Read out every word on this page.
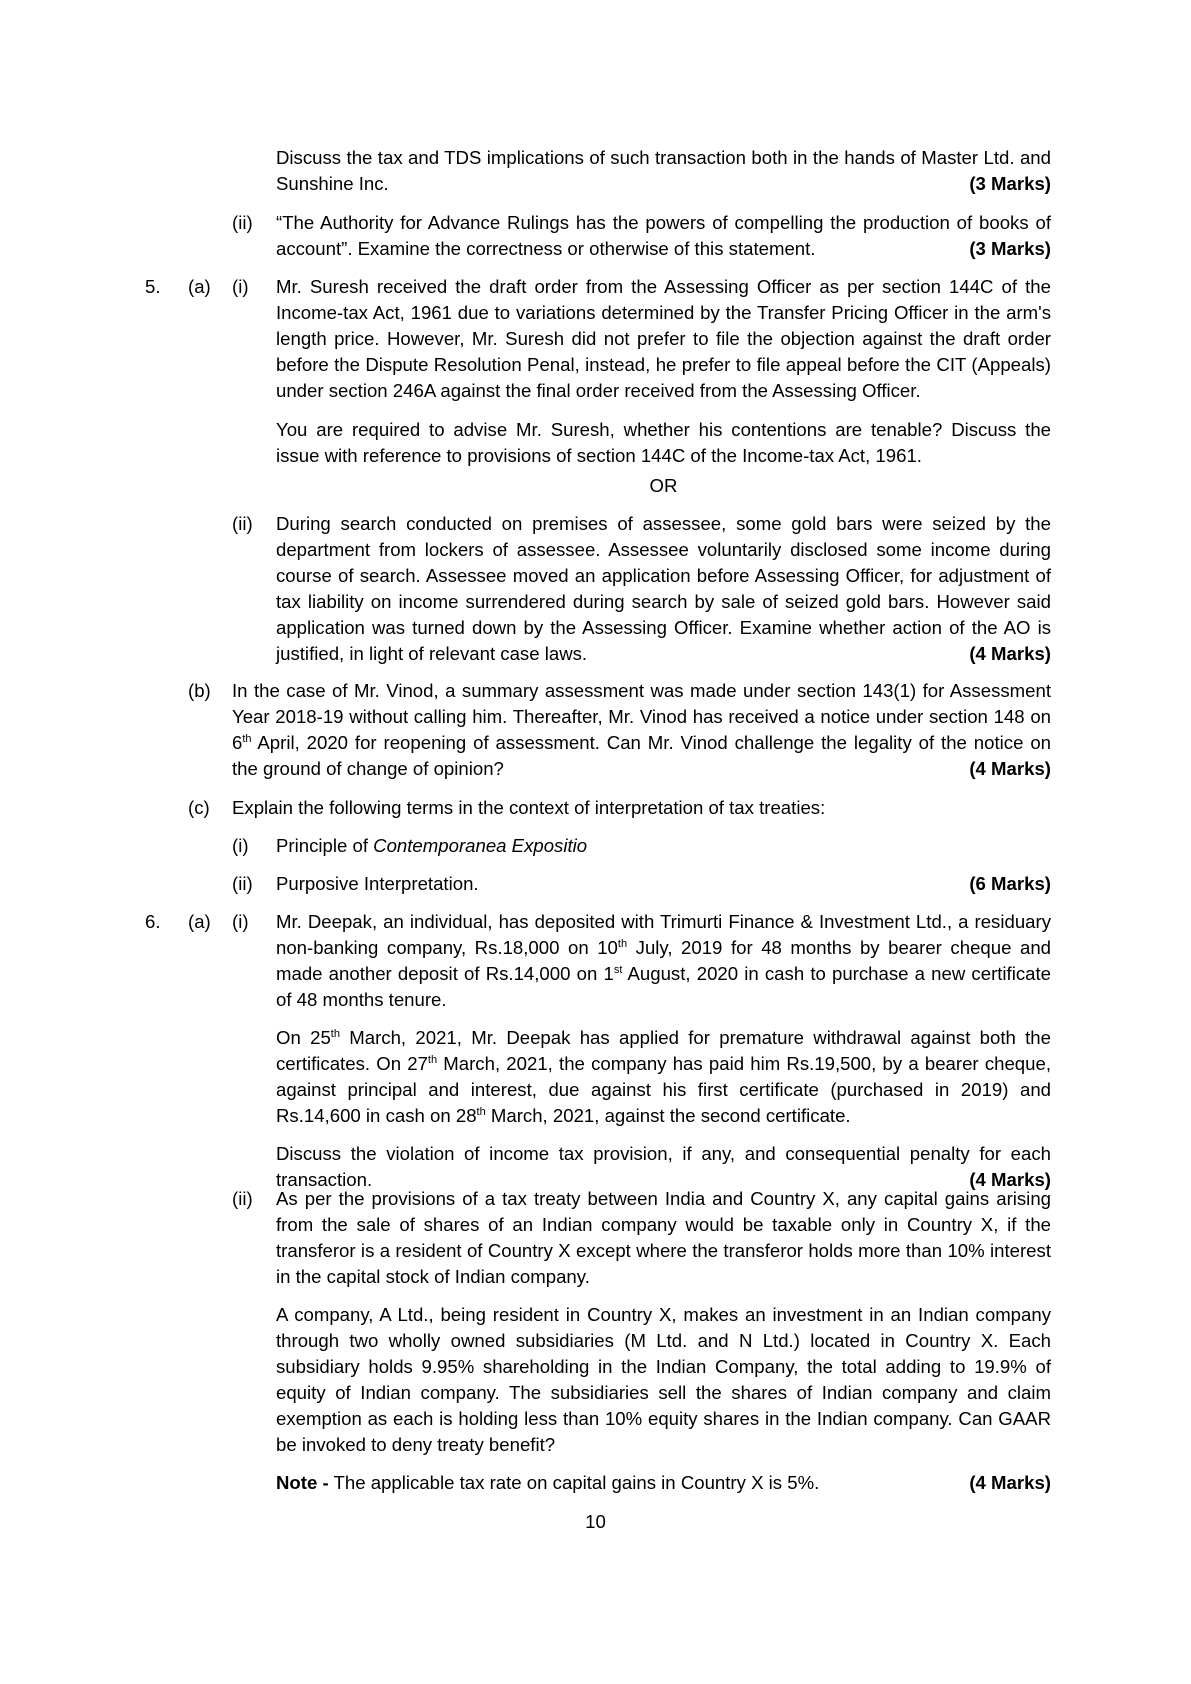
Discuss the tax and TDS implications of such transaction both in the hands of Master Ltd. and Sunshine Inc.	(3 Marks)

(ii) “The Authority for Advance Rulings has the powers of compelling the production of books of account”. Examine the correctness or otherwise of this statement.	(3 Marks)

5. (a) (i) Mr. Suresh received the draft order from the Assessing Officer as per section 144C of the Income-tax Act, 1961 due to variations determined by the Transfer Pricing Officer in the arm's length price. However, Mr. Suresh did not prefer to file the objection against the draft order before the Dispute Resolution Penal, instead, he prefer to file appeal before the CIT (Appeals) under section 246A against the final order received from the Assessing Officer.

You are required to advise Mr. Suresh, whether his contentions are tenable? Discuss the issue with reference to provisions of section 144C of the Income-tax Act, 1961.

OR
(ii) During search conducted on premises of assessee, some gold bars were seized by the department from lockers of assessee. Assessee voluntarily disclosed some income during course of search. Assessee moved an application before Assessing Officer, for adjustment of tax liability on income surrendered during search by sale of seized gold bars. However said application was turned down by the Assessing Officer. Examine whether action of the AO is justified, in light of relevant case laws.	(4 Marks)

(b) In the case of Mr. Vinod, a summary assessment was made under section 143(1) for Assessment Year 2018-19 without calling him. Thereafter, Mr. Vinod has received a notice under section 148 on 6th April, 2020 for reopening of assessment. Can Mr. Vinod challenge the legality of the notice on the ground of change of opinion?	(4 Marks)

(c) Explain the following terms in the context of interpretation of tax treaties:

(i) Principle of Contemporanea Expositio

(ii) Purposive Interpretation.	(6 Marks)

6. (a) (i) Mr. Deepak, an individual, has deposited with Trimurti Finance & Investment Ltd., a residuary non-banking company, Rs.18,000 on 10th July, 2019 for 48 months by bearer cheque and made another deposit of Rs.14,000 on 1st August, 2020 in cash to purchase a new certificate of 48 months tenure.

On 25th March, 2021, Mr. Deepak has applied for premature withdrawal against both the certificates. On 27th March, 2021, the company has paid him Rs.19,500, by a bearer cheque, against principal and interest, due against his first certificate (purchased in 2019) and Rs.14,600 in cash on 28th March, 2021, against the second certificate.

Discuss the violation of income tax provision, if any, and consequential penalty for each transaction.	(4 Marks)

(ii) As per the provisions of a tax treaty between India and Country X, any capital gains arising from the sale of shares of an Indian company would be taxable only in Country X, if the transferor is a resident of Country X except where the transferor holds more than 10% interest in the capital stock of Indian company.

A company, A Ltd., being resident in Country X, makes an investment in an Indian company through two wholly owned subsidiaries (M Ltd. and N Ltd.) located in Country X. Each subsidiary holds 9.95% shareholding in the Indian Company, the total adding to 19.9% of equity of Indian company. The subsidiaries sell the shares of Indian company and claim exemption as each is holding less than 10% equity shares in the Indian company. Can GAAR be invoked to deny treaty benefit?

Note - The applicable tax rate on capital gains in Country X is 5%.	(4 Marks)

10
